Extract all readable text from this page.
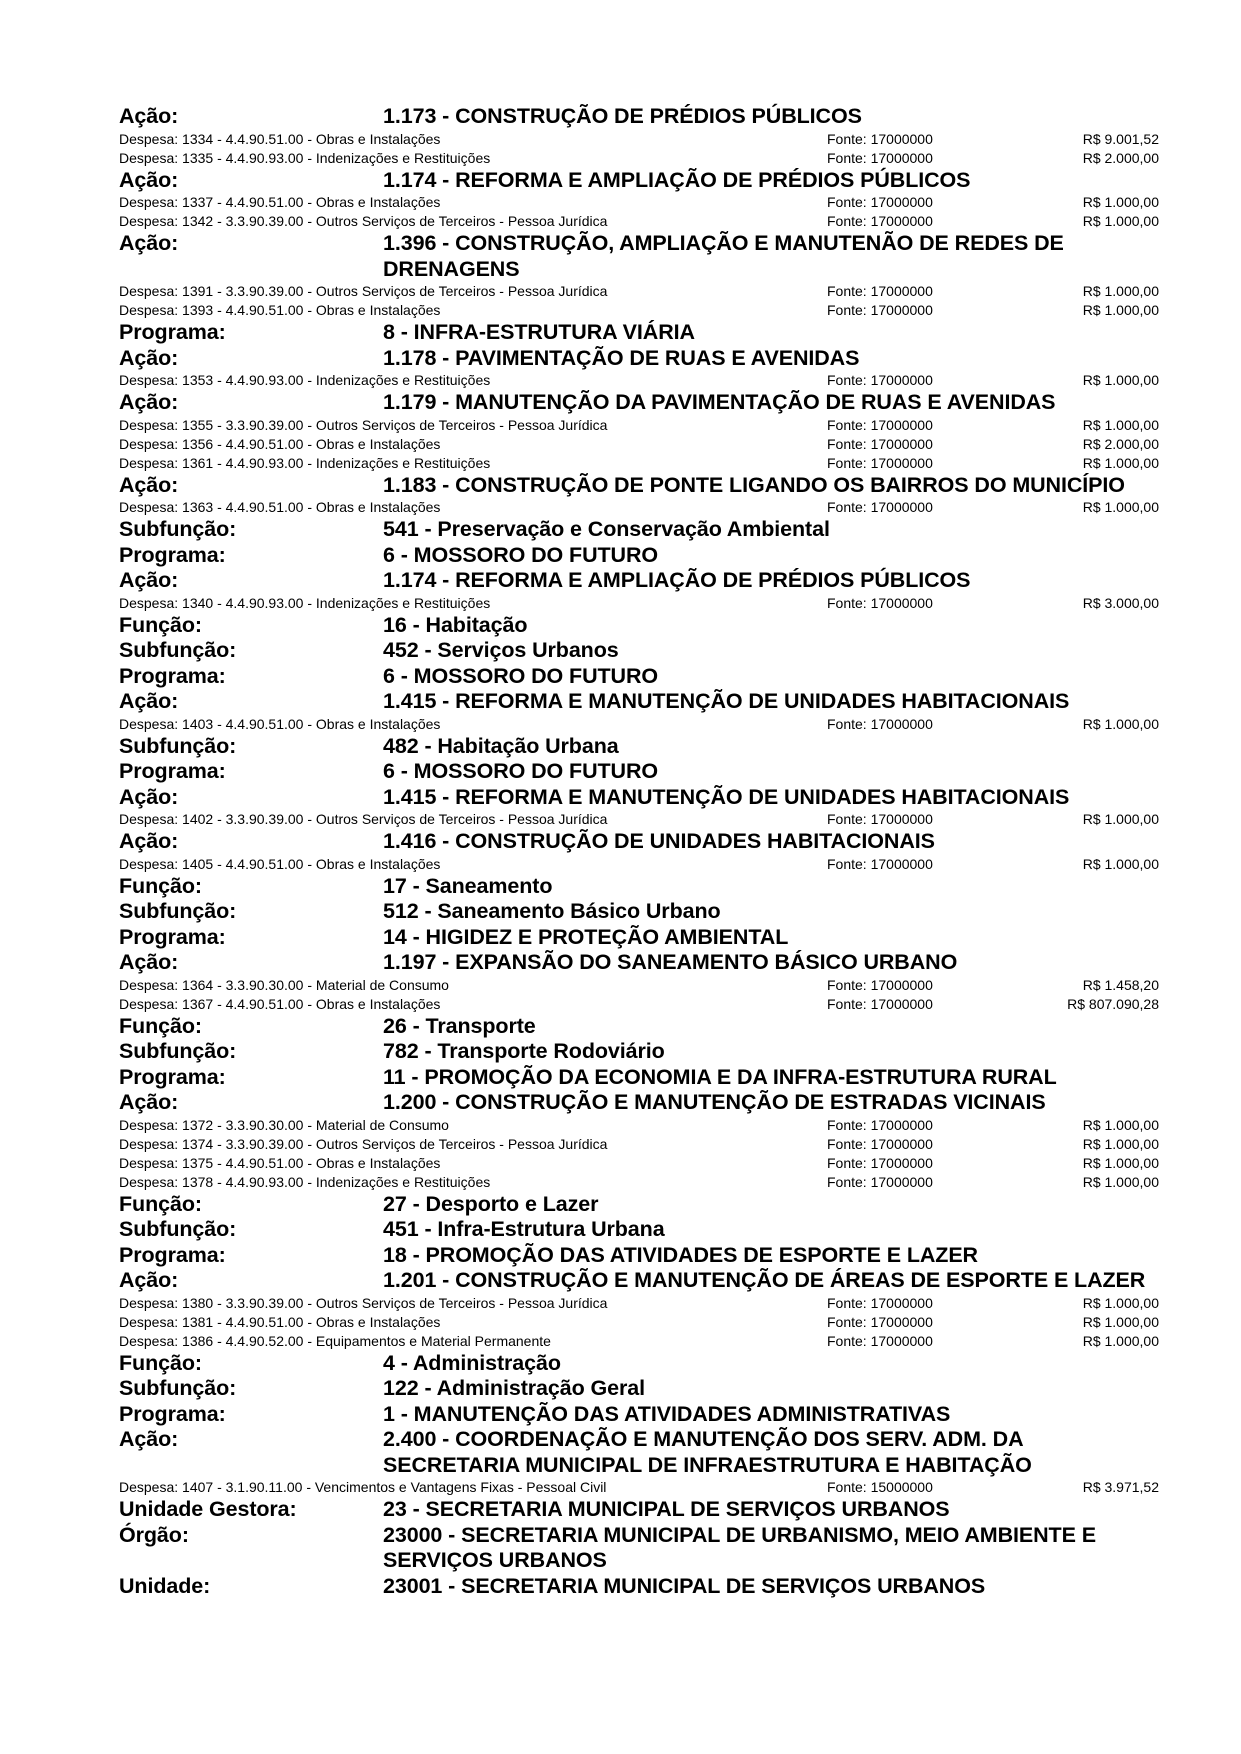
Ação:	1.173 - CONSTRUÇÃO DE PRÉDIOS PÚBLICOS
Despesa: 1334 - 4.4.90.51.00 - Obras e Instalações	Fonte: 17000000	R$ 9.001,52
Despesa: 1335 - 4.4.90.93.00 - Indenizações e Restituições	Fonte: 17000000	R$ 2.000,00
Ação:	1.174 - REFORMA E AMPLIAÇÃO DE PRÉDIOS PÚBLICOS
Despesa: 1337 - 4.4.90.51.00 - Obras e Instalações	Fonte: 17000000	R$ 1.000,00
Despesa: 1342 - 3.3.90.39.00 - Outros Serviços de Terceiros - Pessoa Jurídica	Fonte: 17000000	R$ 1.000,00
Ação:	1.396 - CONSTRUÇÃO, AMPLIAÇÃO E MANUTENÃO DE REDES DE DRENAGENS
Despesa: 1391 - 3.3.90.39.00 - Outros Serviços de Terceiros - Pessoa Jurídica	Fonte: 17000000	R$ 1.000,00
Despesa: 1393 - 4.4.90.51.00 - Obras e Instalações	Fonte: 17000000	R$ 1.000,00
Programa:	8 - INFRA-ESTRUTURA VIÁRIA
Ação:	1.178 - PAVIMENTAÇÃO DE RUAS E AVENIDAS
Despesa: 1353 - 4.4.90.93.00 - Indenizações e Restituições	Fonte: 17000000	R$ 1.000,00
Ação:	1.179 - MANUTENÇÃO DA PAVIMENTAÇÃO DE RUAS E AVENIDAS
Despesa: 1355 - 3.3.90.39.00 - Outros Serviços de Terceiros - Pessoa Jurídica	Fonte: 17000000	R$ 1.000,00
Despesa: 1356 - 4.4.90.51.00 - Obras e Instalações	Fonte: 17000000	R$ 2.000,00
Despesa: 1361 - 4.4.90.93.00 - Indenizações e Restituições	Fonte: 17000000	R$ 1.000,00
Ação:	1.183 - CONSTRUÇÃO DE PONTE LIGANDO OS BAIRROS DO MUNICÍPIO
Despesa: 1363 - 4.4.90.51.00 - Obras e Instalações	Fonte: 17000000	R$ 1.000,00
Subfunção:	541 - Preservação e Conservação Ambiental
Programa:	6 - MOSSORO DO FUTURO
Ação:	1.174 - REFORMA E AMPLIAÇÃO DE PRÉDIOS PÚBLICOS
Despesa: 1340 - 4.4.90.93.00 - Indenizações e Restituições	Fonte: 17000000	R$ 3.000,00
Função:	16 - Habitação
Subfunção:	452 - Serviços Urbanos
Programa:	6 - MOSSORO DO FUTURO
Ação:	1.415 - REFORMA E MANUTENÇÃO DE UNIDADES HABITACIONAIS
Despesa: 1403 - 4.4.90.51.00 - Obras e Instalações	Fonte: 17000000	R$ 1.000,00
Subfunção:	482 - Habitação Urbana
Programa:	6 - MOSSORO DO FUTURO
Ação:	1.415 - REFORMA E MANUTENÇÃO DE UNIDADES HABITACIONAIS
Despesa: 1402 - 3.3.90.39.00 - Outros Serviços de Terceiros - Pessoa Jurídica	Fonte: 17000000	R$ 1.000,00
Ação:	1.416 - CONSTRUÇÃO DE UNIDADES HABITACIONAIS
Despesa: 1405 - 4.4.90.51.00 - Obras e Instalações	Fonte: 17000000	R$ 1.000,00
Função:	17 - Saneamento
Subfunção:	512 - Saneamento Básico Urbano
Programa:	14 - HIGIDEZ E PROTEÇÃO AMBIENTAL
Ação:	1.197 - EXPANSÃO DO SANEAMENTO BÁSICO URBANO
Despesa: 1364 - 3.3.90.30.00 - Material de Consumo	Fonte: 17000000	R$ 1.458,20
Despesa: 1367 - 4.4.90.51.00 - Obras e Instalações	Fonte: 17000000	R$ 807.090,28
Função:	26 - Transporte
Subfunção:	782 - Transporte Rodoviário
Programa:	11 - PROMOÇÃO DA ECONOMIA E DA INFRA-ESTRUTURA RURAL
Ação:	1.200 - CONSTRUÇÃO E MANUTENÇÃO DE ESTRADAS VICINAIS
Despesa: 1372 - 3.3.90.30.00 - Material de Consumo	Fonte: 17000000	R$ 1.000,00
Despesa: 1374 - 3.3.90.39.00 - Outros Serviços de Terceiros - Pessoa Jurídica	Fonte: 17000000	R$ 1.000,00
Despesa: 1375 - 4.4.90.51.00 - Obras e Instalações	Fonte: 17000000	R$ 1.000,00
Despesa: 1378 - 4.4.90.93.00 - Indenizações e Restituições	Fonte: 17000000	R$ 1.000,00
Função:	27 - Desporto e Lazer
Subfunção:	451 - Infra-Estrutura Urbana
Programa:	18 - PROMOÇÃO DAS ATIVIDADES DE ESPORTE E LAZER
Ação:	1.201 - CONSTRUÇÃO E MANUTENÇÃO DE ÁREAS DE ESPORTE E LAZER
Despesa: 1380 - 3.3.90.39.00 - Outros Serviços de Terceiros - Pessoa Jurídica	Fonte: 17000000	R$ 1.000,00
Despesa: 1381 - 4.4.90.51.00 - Obras e Instalações	Fonte: 17000000	R$ 1.000,00
Despesa: 1386 - 4.4.90.52.00 - Equipamentos e Material Permanente	Fonte: 17000000	R$ 1.000,00
Função:	4 - Administração
Subfunção:	122 - Administração Geral
Programa:	1 - MANUTENÇÃO DAS ATIVIDADES ADMINISTRATIVAS
Ação:	2.400 - COORDENAÇÃO E MANUTENÇÃO DOS SERV. ADM. DA SECRETARIA MUNICIPAL DE INFRAESTRUTURA E HABITAÇÃO
Despesa: 1407 - 3.1.90.11.00 - Vencimentos e Vantagens Fixas - Pessoal Civil	Fonte: 15000000	R$ 3.971,52
Unidade Gestora:	23 - SECRETARIA MUNICIPAL DE SERVIÇOS URBANOS
Órgão:	23000 - SECRETARIA MUNICIPAL DE URBANISMO, MEIO AMBIENTE E SERVIÇOS URBANOS
Unidade:	23001 - SECRETARIA MUNICIPAL DE SERVIÇOS URBANOS
